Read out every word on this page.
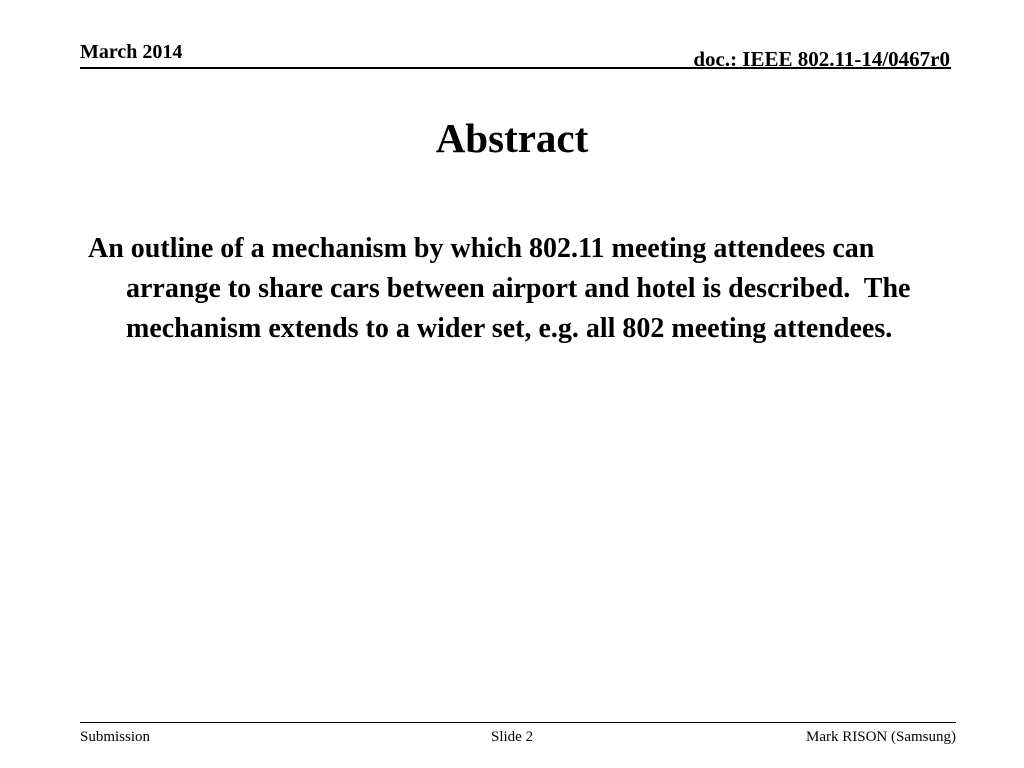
March 2014	doc.: IEEE 802.11-14/0467r0
Abstract
An outline of a mechanism by which 802.11 meeting attendees can arrange to share cars between airport and hotel is described.  The mechanism extends to a wider set, e.g. all 802 meeting attendees.
Submission	Slide 2	Mark RISON (Samsung)
